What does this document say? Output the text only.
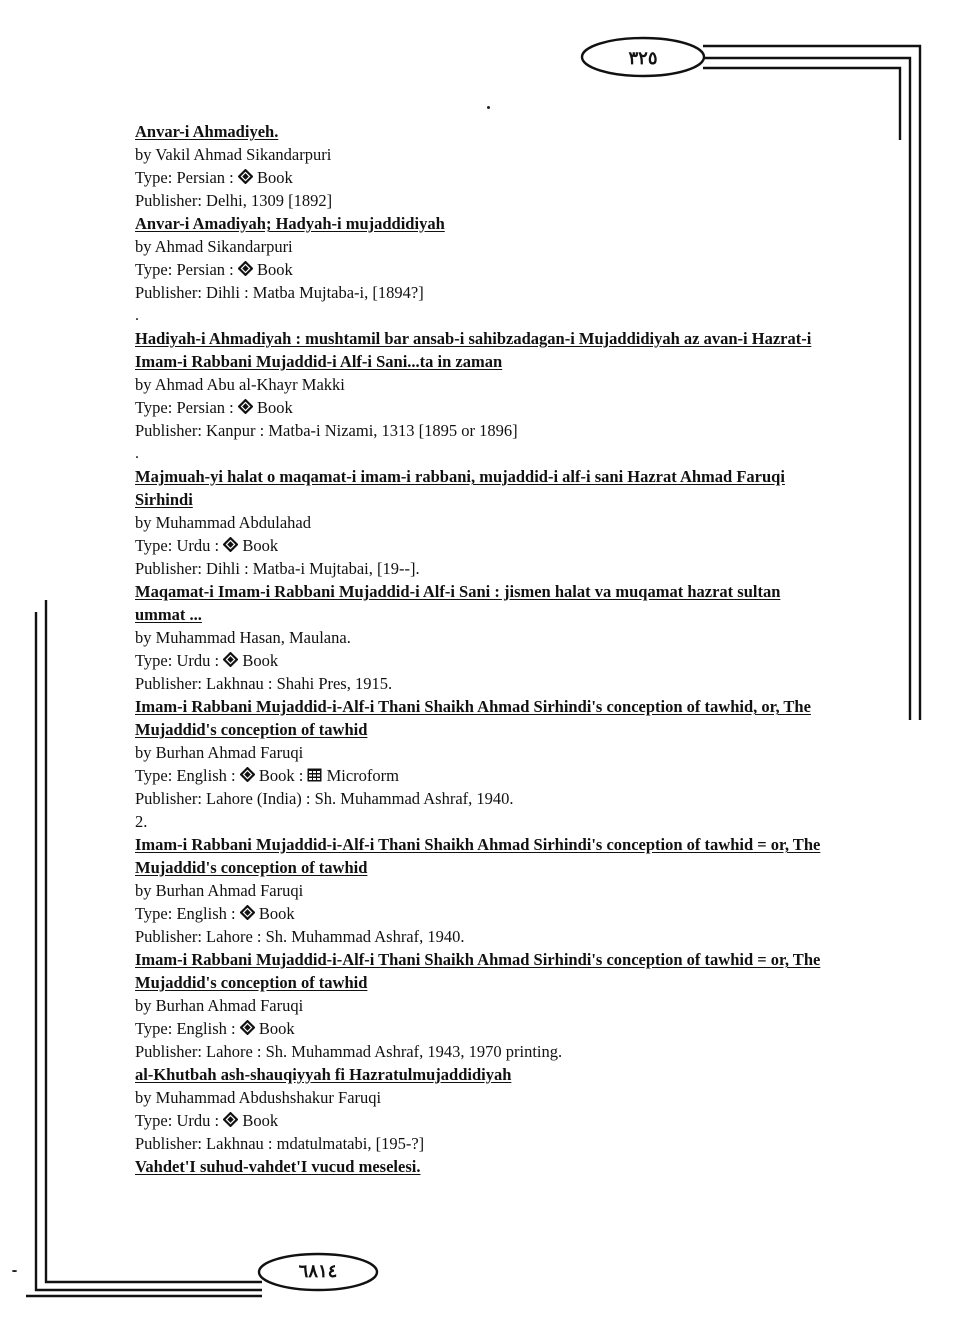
٣٢٥
٦٨١٤
Anvar-i Ahmadiyeh.
by Vakil Ahmad Sikandarpuri
Type: Persian :  Book
Publisher: Delhi, 1309 [1892]
Anvar-i Amadiyah; Hadyah-i mujaddidiyah
by Ahmad Sikandarpuri
Type: Persian :  Book
Publisher: Dihli : Matba Mujtaba-i, [1894?]
.
Hadiyah-i Ahmadiyah : mushtamil bar ansab-i sahibzadagan-i Mujaddidiyah az avan-i Hazrat-i Imam-i Rabbani Mujaddid-i Alf-i Sani...ta in zaman
by Ahmad Abu al-Khayr Makki
Type: Persian :  Book
Publisher: Kanpur : Matba-i Nizami, 1313 [1895 or 1896]
.
Majmuah-yi halat o maqamat-i imam-i rabbani, mujaddid-i alf-i sani Hazrat Ahmad Faruqi Sirhindi
by Muhammad Abdulahad
Type: Urdu :  Book
Publisher: Dihli : Matba-i Mujtabai, [19--].
Maqamat-i Imam-i Rabbani Mujaddid-i Alf-i Sani : jismen halat va muqamat hazrat sultan ummat ...
by Muhammad Hasan, Maulana.
Type: Urdu :  Book
Publisher: Lakhnau : Shahi Pres, 1915.
Imam-i Rabbani Mujaddid-i-Alf-i Thani Shaikh Ahmad Sirhindi's conception of tawhid, or, The Mujaddid's conception of tawhid
by Burhan Ahmad Faruqi
Type: English :  Book :  Microform
Publisher: Lahore (India) : Sh. Muhammad Ashraf, 1940.
2.
Imam-i Rabbani Mujaddid-i-Alf-i Thani Shaikh Ahmad Sirhindi's conception of tawhid = or, The Mujaddid's conception of tawhid
by Burhan Ahmad Faruqi
Type: English :  Book
Publisher: Lahore : Sh. Muhammad Ashraf, 1940.
Imam-i Rabbani Mujaddid-i-Alf-i Thani Shaikh Ahmad Sirhindi's conception of tawhid = or, The Mujaddid's conception of tawhid
by Burhan Ahmad Faruqi
Type: English :  Book
Publisher: Lahore : Sh. Muhammad Ashraf, 1943, 1970 printing.
al-Khutbah ash-shauqiyyah fi Hazratulmujaddidiyah
by Muhammad Abdushshakur Faruqi
Type: Urdu :  Book
Publisher: Lakhnau : mdatulmatabi, [195-?]
Vahdet'I suhud-vahdet'I vucud meselesi.
